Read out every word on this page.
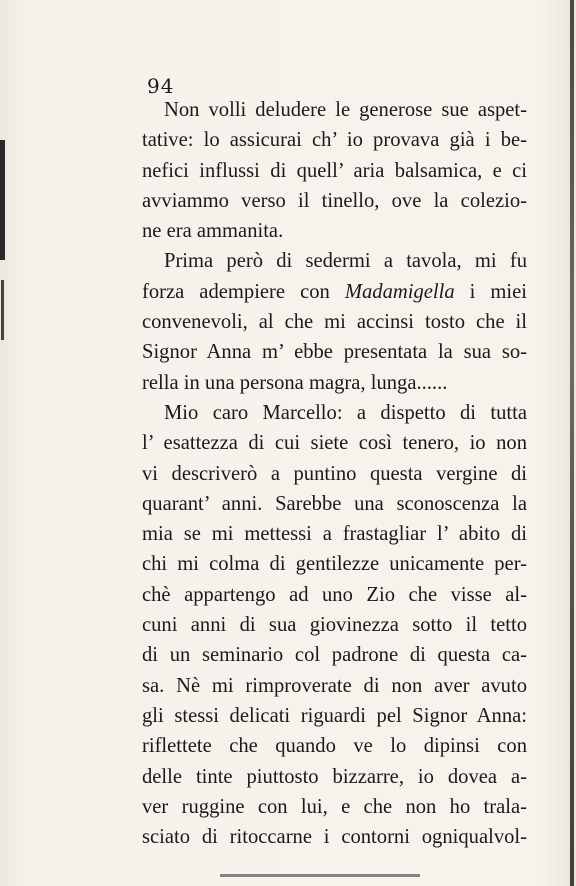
94

Non volli deludere le generose sue aspet-
tative: lo assicurai ch’ io provava già i be-
nefici influssi di quell’ aria balsamica, e ci
avviammo verso il tinello, ove la colezio-
ne era ammanita.

Prima però di sedermi a tavola, mi fu
forza adempiere con Madamigella i miei
convenevoli, al che mi accinsi tosto che il
Signor Anna m’ ebbe presentata la sua so-
rella in una persona magra, lunga......

Mio caro Marcello: a dispetto di tutta
l’ esattezza di cui siete così tenero, io non
vi descriverò a puntino questa vergine di
quarant’ anni. Sarebbe una sconoscenza la
mia se mi mettessi a frastagliar l’ abito di
chi mi colma di gentilezze unicamente per-
chè appartengo ad uno Zio che visse al-
cuni anni di sua giovinezza sotto il tetto
di un seminario col padrone di questa ca-
sa. Nè mi rimproverate di non aver avuto
gli stessi delicati riguardi pel Signor Anna:
riflettete che quando ve lo dipinsi con
delle tinte piuttosto bizzarre, io dovea a-
ver ruggine con lui, e che non ho trala-
sciato di ritoccarne i contorni ogniqualvol-
